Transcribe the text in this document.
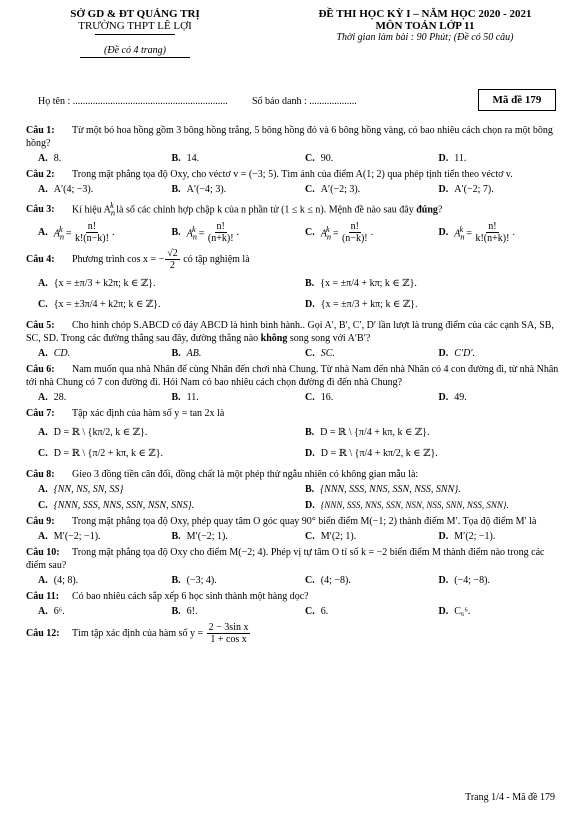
SỞ GD & ĐT QUẢNG TRỊ
TRƯỜNG THPT LÊ LỢI
(Đề có 4 trang)
ĐỀ THI HỌC KỲ I – NĂM HỌC 2020 - 2021
MÔN TOÁN LỚP 11
Thời gian làm bài : 90 Phút; (Đề có 50 câu)
Họ tên : .............................................................. Số báo danh : ...................	Mã đề 179
Câu 1: Từ một bó hoa hồng gồm 3 bông hồng trắng, 5 bông hồng đỏ và 6 bông hồng vàng, có bao nhiêu cách chọn ra một bông hồng?
A. 8.	B. 14.	C. 90.	D. 11.
Câu 2: Trong mặt phẳng tọa độ Oxy, cho véctơ v = (−3; 5). Tìm ảnh của điểm A(1; 2) qua phép tịnh tiến theo véctơ v.
A. A′(4; −3).	B. A′(−4; 3).	C. A′(−2; 3).	D. A′(−2; 7).
Câu 3: Kí hiệu $A_n^k$ là số các chỉnh hợp chập k của n phần tử (1 ≤ k ≤ n). Mệnh đề nào sau đây đúng?
A. $A_n^k = \frac{n!}{k!(n-k)!}$ .	B. $A_n^k = \frac{n!}{(n+k)!}$ .	C. $A_n^k = \frac{n!}{(n-k)!}$ .	D. $A_n^k = \frac{n!}{k!(n+k)!}$ .
Câu 4: Phương trình cos x = − $\frac{√2}{2}$ có tập nghiệm là
A. {x = ±π/3 + k2π; k ∈ ℤ}.	B. {x = ±π/4 + kπ; k ∈ ℤ}.
C. {x = ±3π/4 + k2π; k ∈ ℤ}.	D. {x = ±π/3 + kπ; k ∈ ℤ}.
Câu 5: Cho hình chóp S.ABCD có đáy ABCD là hình bình hành.. Gọi A′, B′, C′, D′ lần lượt là trung điểm của các cạnh SA, SB, SC, SD. Trong các đường thẳng sau đây, đường thẳng nào không song song với A′B′?
A. CD.	B. AB.	C. SC.	D. C′D′.
Câu 6: Nam muốn qua nhà Nhân để cùng Nhân đến chơi nhà Chung. Từ nhà Nam đến nhà Nhân có 4 con đường đi, từ nhà Nhân tới nhà Chung có 7 con đường đi. Hỏi Nam có bao nhiêu cách chọn đường đi đến nhà Chung?
A. 28.	B. 11.	C. 16.	D. 49.
Câu 7: Tập xác định của hàm số y = tan 2x là
A. D = ℝ \ {kπ/2, k ∈ ℤ}.	B. D = ℝ \ {π/4 + kπ, k ∈ ℤ}.
C. D = ℝ \ {π/2 + kπ, k ∈ ℤ}.	D. D = ℝ \ {π/4 + kπ/2, k ∈ ℤ}.
Câu 8: Gieo 3 đồng tiền cân đối, đồng chất là một phép thử ngẫu nhiên có không gian mẫu là:
A. {NN, NS, SN, SS}	B. {NNN, SSS, NNS, SSN, NSS, SNN}.
C. {NNN, SSS, NNS, SSN, NSN, SNS}.	D. {NNN, SSS, NNS, SSN, NSN, NSS, SNN, NSS, SNN}.
Câu 9: Trong mặt phẳng tọa độ Oxy, phép quay tâm O góc quay 90° biến điểm M(−1; 2) thành điểm M′. Tọa độ điểm M′ là
A. M′(−2; −1).	B. M′(−2; 1).	C. M′(2; 1).	D. M′(2; −1).
Câu 10: Trong mặt phẳng tọa độ Oxy cho điểm M(−2; 4). Phép vị tự tâm O tỉ số k = −2 biến điểm M thành điểm nào trong các điểm sau?
A. (4; 8).	B. (−3; 4).	C. (4; −8).	D. (−4; −8).
Câu 11: Có bao nhiêu cách sắp xếp 6 học sinh thành một hàng dọc?
A. 6⁶.	B. 6!.	C. 6.	D. C₆⁶.
Câu 12: Tìm tập xác định của hàm số $y = \frac{\text{2 − 3sin x}}{\text{1 + cos x}}$
Trang 1/4 - Mã đề 179
